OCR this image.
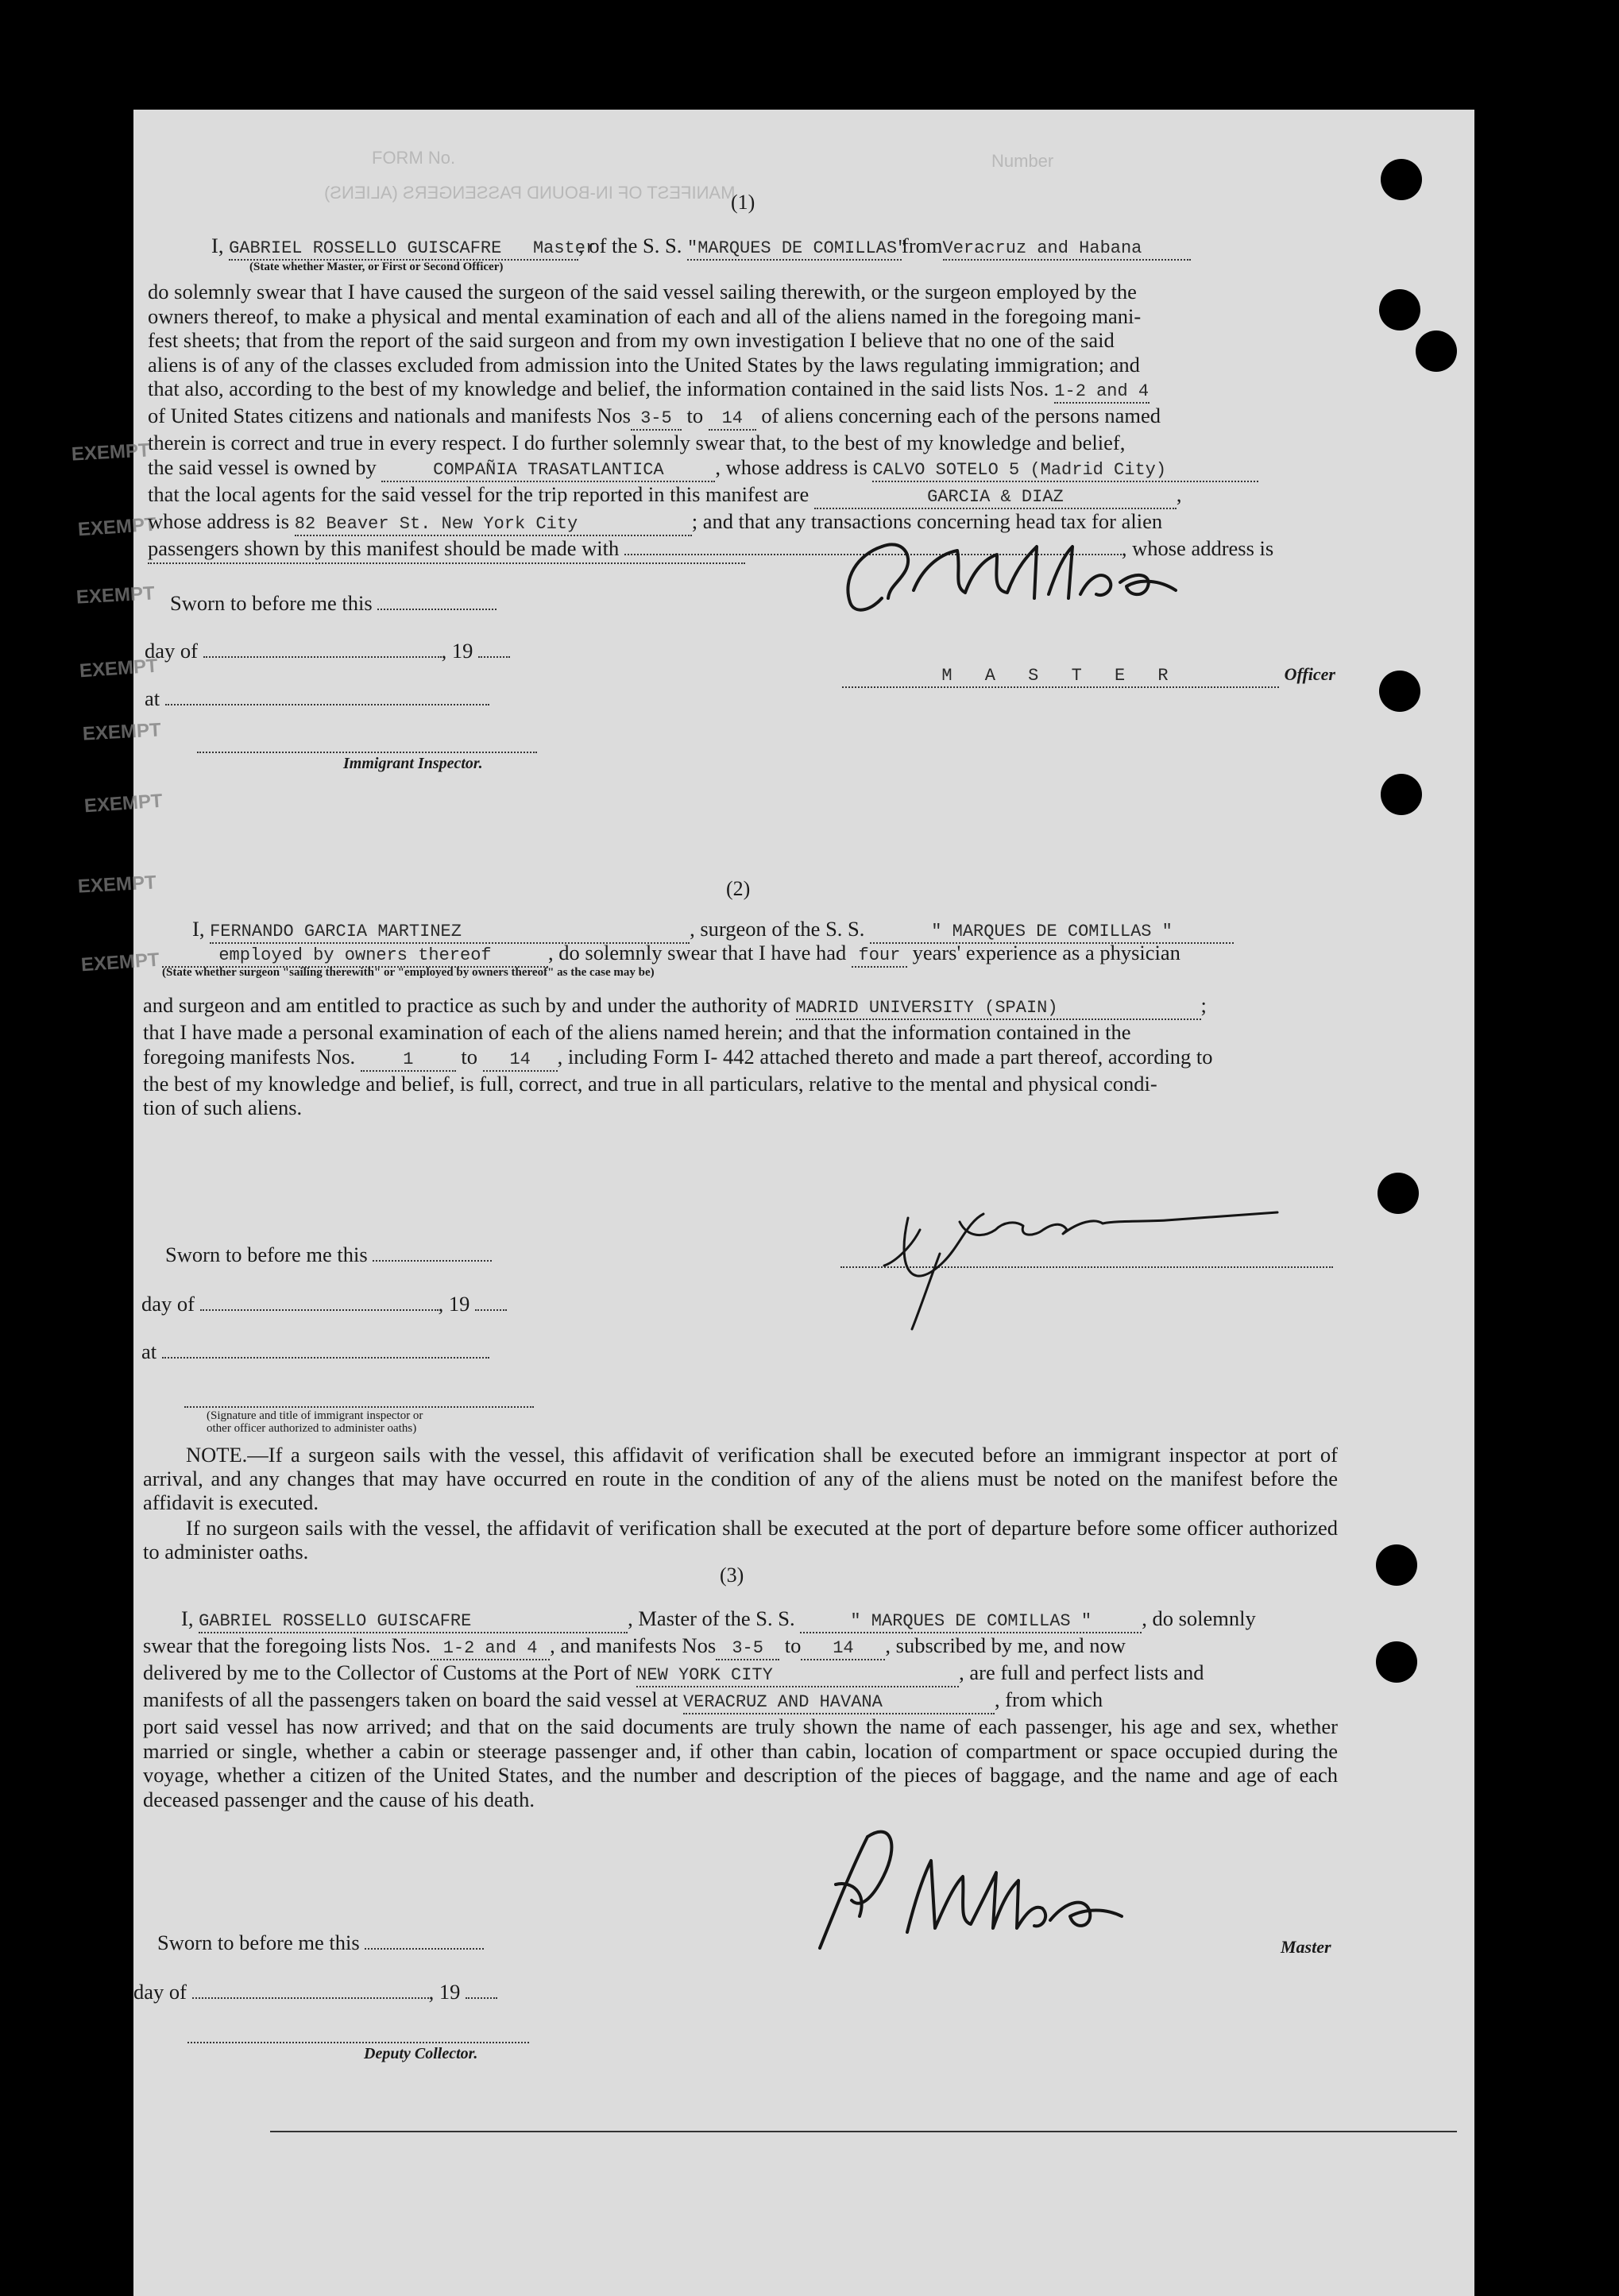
FORM No.
MANIFEST OF IN-BOUND PASSENGERS (ALIENS)
Number
EXEMPT
EXEMPT
EXEMPT
EXEMPT
EXEMPT
EXEMPT
EXEMPT
EXEMPT
(1)
I, GABRIEL ROSSELLO GUISCAFRE Master, of the S. S. "MARQUES DE COMILLAS"fromVeracruz and Habana
(State whether Master, or First or Second Officer)
do solemnly swear that I have caused the surgeon of the said vessel sailing therewith, or the surgeon employed by the
owners thereof, to make a physical and mental examination of each and all of the aliens named in the foregoing mani-
fest sheets; that from the report of the said surgeon and from my own investigation I believe that no one of the said
aliens is of any of the classes excluded from admission into the United States by the laws regulating immigration; and
that also, according to the best of my knowledge and belief, the information contained in the said lists Nos. 1-2 and 4
of United States citizens and nationals and manifests Nos 3-5 to 14 of aliens concerning each of the persons named
therein is correct and true in every respect. I do further solemnly swear that, to the best of my knowledge and belief,
the said vessel is owned by	COMPAÑIA TRASATLANTICA , whose address is CALVO SOTELO 5 (Madrid City)
that the local agents for the said vessel for the trip reported in this manifest are	GARCIA & DIAZ	,
whose address is 82 Beaver St. New York City	; and that any transactions concerning head tax for alien
passengers shown by this manifest should be made with	, whose address is
Sworn to before me this
day of	, 19
at
Immigrant Inspector.
M A S T E R	Officer
(2)
I, FERNANDO GARCIA MARTINEZ	, surgeon of the S. S.	" MARQUES DE COMILLAS "
employed by owners thereof	, do solemnly swear that I have had four years' experience as a physician
(State whether surgeon "sailing therewith" or "employed by owners thereof" as the case may be)
and surgeon and am entitled to practice as such by and under the authority of MADRID UNIVERSITY (SPAIN)	;
that I have made a personal examination of each of the aliens named herein; and that the information contained in the
foregoing manifests Nos.	1 to 14 , including Form I- 442 attached thereto and made a part thereof, according to
the best of my knowledge and belief, is full, correct, and true in all particulars, relative to the mental and physical condi-
tion of such aliens.
Sworn to before me this
day of	, 19
at
(Signature and title of immigrant inspector or
other officer authorized to administer oaths)
NOTE.—If a surgeon sails with the vessel, this affidavit of verification shall be executed before an immigrant inspector at port of arrival, and any changes that may have occurred en route in the condition of any of the aliens must be noted on the manifest before the affidavit is executed.
If no surgeon sails with the vessel, the affidavit of verification shall be executed at the port of departure before some officer authorized to administer oaths.
(3)
I, GABRIEL ROSSELLO GUISCAFRE	, Master of the S. S.	" MARQUES DE COMILLAS " , do solemnly
swear that the foregoing lists Nos. 1-2 and 4 , and manifests Nos 3-5 to 14 , subscribed by me, and now
delivered by me to the Collector of Customs at the Port of NEW YORK CITY	, are full and perfect lists and
manifests of all the passengers taken on board the said vessel at VERACRUZ AND HAVANA	, from which
port said vessel has now arrived; and that on the said documents are truly shown the name of each passenger, his age and sex, whether married or single, whether a cabin or steerage passenger and, if other than cabin, location of compartment or space occupied during the voyage, whether a citizen of the United States, and the number and description of the pieces of baggage, and the name and age of each deceased passenger and the cause of his death.
Sworn to before me this
day of	, 19
Deputy Collector.
Master
